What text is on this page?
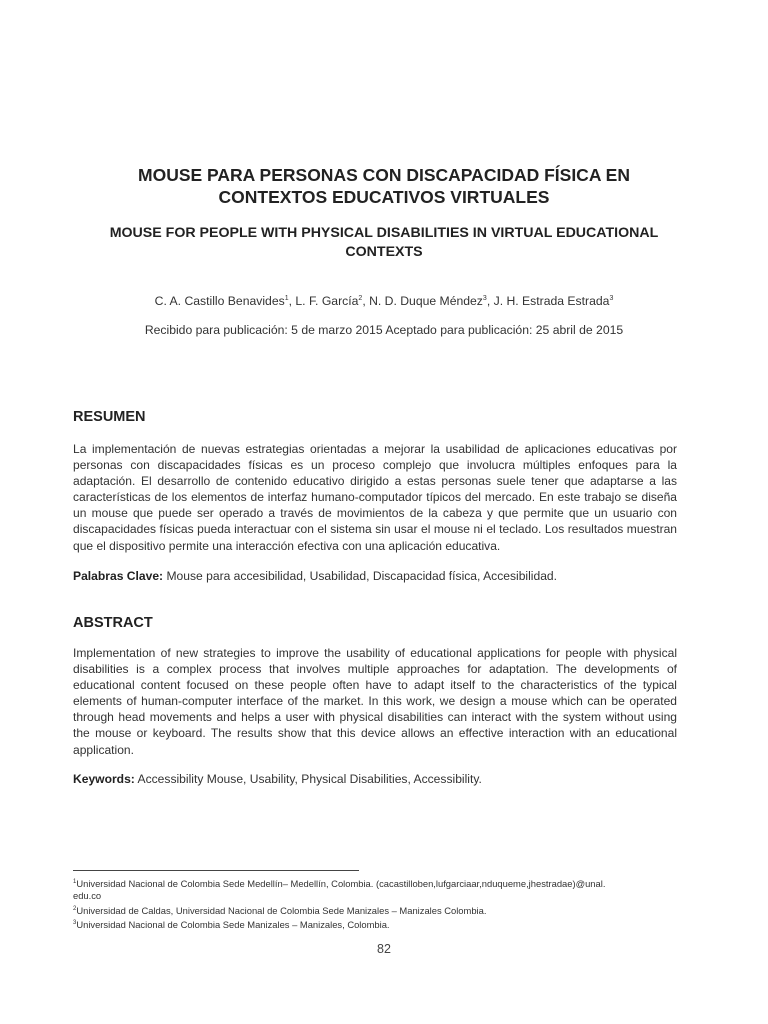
MOUSE PARA PERSONAS CON DISCAPACIDAD FÍSICA EN
CONTEXTOS EDUCATIVOS VIRTUALES
MOUSE FOR PEOPLE WITH PHYSICAL DISABILITIES IN VIRTUAL EDUCATIONAL
CONTEXTS
C. A. Castillo Benavides$^1$, L. F. García$^2$, N. D. Duque Méndez$^3$, J. H. Estrada Estrada$^3$
Recibido para publicación: 5 de marzo 2015 Aceptado para publicación: 25 abril de 2015
RESUMEN

La implementación de nuevas estrategias orientadas a mejorar la usabilidad de aplicaciones educativas por personas con discapacidades físicas es un proceso complejo que involucra múltiples enfoques para la adaptación. El desarrollo de contenido educativo dirigido a estas personas suele tener que adaptarse a las características de los elementos de interfaz humano-computador típicos del mercado. En este trabajo se diseña un mouse que puede ser operado a través de movimientos de la cabeza y que permite que un usuario con discapacidades físicas pueda interactuar con el sistema sin usar el mouse ni el teclado. Los resultados muestran que el dispositivo permite una interacción efectiva con una aplicación educativa.

Palabras Clave: Mouse para accesibilidad, Usabilidad, Discapacidad física, Accesibilidad.
ABSTRACT

Implementation of new strategies to improve the usability of educational applications for people with physical disabilities is a complex process that involves multiple approaches for adaptation. The developments of educational content focused on these people often have to adapt itself to the characteristics of the typical elements of human-computer interface of the market. In this work, we design a mouse which can be operated through head movements and helps a user with physical disabilities can interact with the system without using the mouse or keyboard. The results show that this device allows an effective interaction with an educational application.

Keywords: Accessibility Mouse, Usability, Physical Disabilities, Accessibility.
$^1$Universidad Nacional de Colombia Sede Medellín– Medellín, Colombia. (cacastilloben,lufgarciaar,nduqueme,jhestradae)@unal.
edu.co
$^2$Universidad de Caldas, Universidad Nacional de Colombia Sede Manizales – Manizales Colombia.
$^3$Universidad Nacional de Colombia Sede Manizales – Manizales, Colombia.
82
